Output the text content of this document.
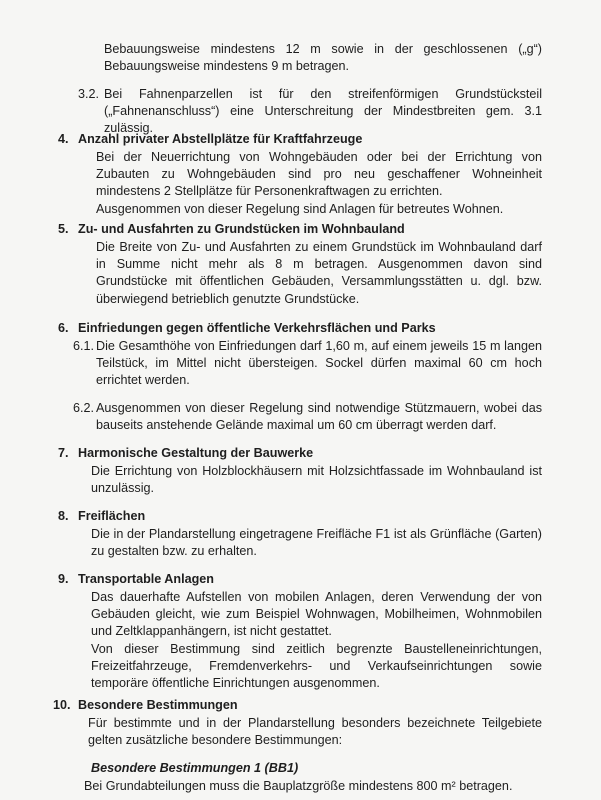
Bebauungsweise mindestens 12 m sowie in der geschlossenen („g“) Bebauungsweise mindestens 9 m betragen.

3.2. Bei Fahnenparzellen ist für den streifenförmigen Grundstücksteil („Fahnenanschluss“) eine Unterschreitung der Mindestbreiten gem. 3.1 zulässig.

4. Anzahl privater Abstellplätze für Kraftfahrzeuge

Bei der Neuerrichtung von Wohngebäuden oder bei der Errichtung von Zubauten zu Wohngebäuden sind pro neu geschaffener Wohneinheit mindestens 2 Stellplätze für Personenkraftwagen zu errichten.

Ausgenommen von dieser Regelung sind Anlagen für betreutes Wohnen.

5. Zu- und Ausfahrten zu Grundstücken im Wohnbauland

Die Breite von Zu- und Ausfahrten zu einem Grundstück im Wohnbauland darf in Summe nicht mehr als 8 m betragen. Ausgenommen davon sind Grundstücke mit öffentlichen Gebäuden, Versammlungsstätten u. dgl. bzw. überwiegend betrieblich genutzte Grundstücke.

6. Einfriedungen gegen öffentliche Verkehrsflächen und Parks
6.1. Die Gesamthöhe von Einfriedungen darf 1,60 m, auf einem jeweils 15 m langen Teilstück, im Mittel nicht übersteigen. Sockel dürfen maximal 60 cm hoch errichtet werden.

6.2. Ausgenommen von dieser Regelung sind notwendige Stützmauern, wobei das bauseits anstehende Gelände maximal um 60 cm überragt werden darf.

7. Harmonische Gestaltung der Bauwerke

Die Errichtung von Holzblockhäusern mit Holzsichtfassade im Wohnbauland ist unzulässig.

8. Freiflächen

Die in der Plandarstellung eingetragene Freifläche F1 ist als Grünfläche (Garten) zu gestalten bzw. zu erhalten.

9. Transportable Anlagen

Das dauerhafte Aufstellen von mobilen Anlagen, deren Verwendung der von Gebäuden gleicht, wie zum Beispiel Wohnwagen, Mobilheimen, Wohnmobilen und Zeltklappanhängern, ist nicht gestattet.

Von dieser Bestimmung sind zeitlich begrenzte Baustelleneinrichtungen, Freizeitfahrzeuge, Fremdenverkehrs- und Verkaufseinrichtungen sowie temporäre öffentliche Einrichtungen ausgenommen.

10. Besondere Bestimmungen

Für bestimmte und in der Plandarstellung besonders bezeichnete Teilgebiete gelten zusätzliche besondere Bestimmungen:

Besondere Bestimmungen 1 (BB1)

Bei Grundabteilungen muss die Bauplatzgröße mindestens 800 m² betragen.
